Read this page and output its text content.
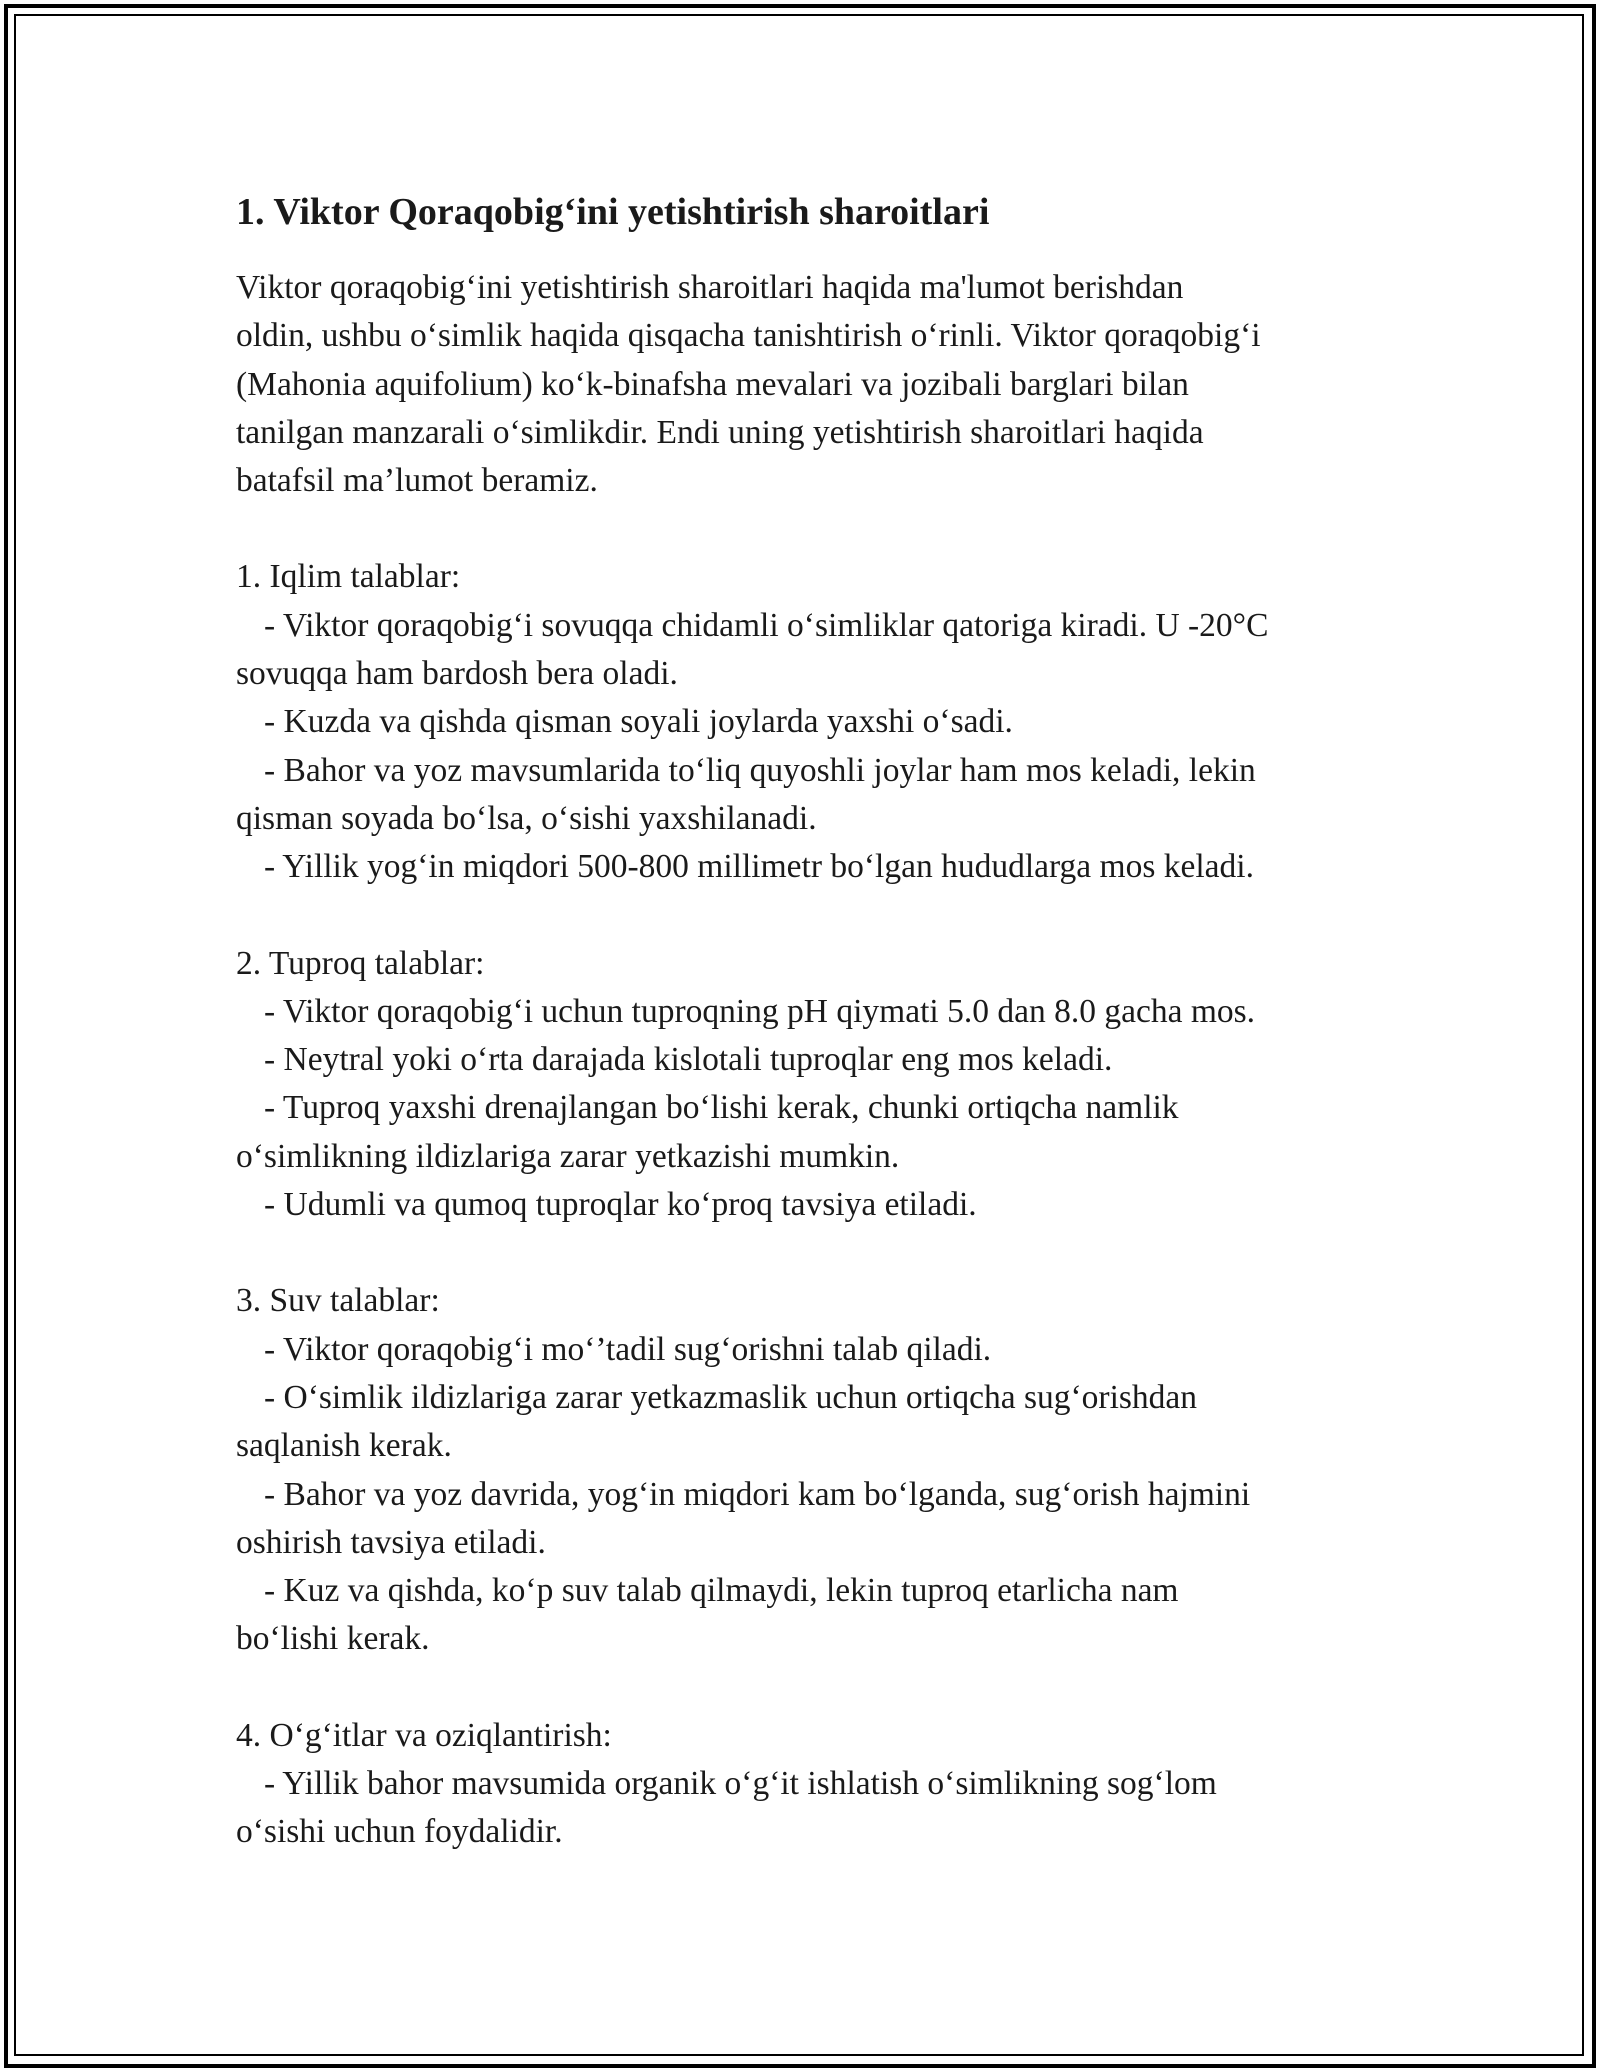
1. Viktor Qoraqobig‘ini yetishtirish sharoitlari
Viktor qoraqobig‘ini yetishtirish sharoitlari haqida ma'lumot berishdan
oldin, ushbu o‘simlik haqida qisqacha tanishtirish o‘rinli. Viktor qoraqobig‘i
(Mahonia aquifolium) ko‘k-binafsha mevalari va jozibali barglari bilan
tanilgan manzarali o‘simlikdir. Endi uning yetishtirish sharoitlari haqida
batafsil ma’lumot beramiz.
1. Iqlim talablar:
- Viktor qoraqobig‘i sovuqqa chidamli o‘simliklar qatoriga kiradi. U -20°C
sovuqqa ham bardosh bera oladi.
- Kuzda va qishda qisman soyali joylarda yaxshi o‘sadi.
- Bahor va yoz mavsumlarida to‘liq quyoshli joylar ham mos keladi, lekin
qisman soyada bo‘lsa, o‘sishi yaxshilanadi.
- Yillik yog‘in miqdori 500-800 millimetr bo‘lgan hududlarga mos keladi.
2. Tuproq talablar:
- Viktor qoraqobig‘i uchun tuproqning pH qiymati 5.0 dan 8.0 gacha mos.
- Neytral yoki o‘rta darajada kislotali tuproqlar eng mos keladi.
- Tuproq yaxshi drenajlangan bo‘lishi kerak, chunki ortiqcha namlik
o‘simlikning ildizlariga zarar yetkazishi mumkin.
- Udumli va qumoq tuproqlar ko‘proq tavsiya etiladi.
3. Suv talablar:
- Viktor qoraqobig‘i mo‘’tadil sug‘orishni talab qiladi.
- O‘simlik ildizlariga zarar yetkazmaslik uchun ortiqcha sug‘orishdan
saqlanish kerak.
- Bahor va yoz davrida, yog‘in miqdori kam bo‘lganda, sug‘orish hajmini
oshirish tavsiya etiladi.
- Kuz va qishda, ko‘p suv talab qilmaydi, lekin tuproq etarlicha nam
bo‘lishi kerak.
4. O‘g‘itlar va oziqlantirish:
- Yillik bahor mavsumida organik o‘g‘it ishlatish o‘simlikning sog‘lom
o‘sishi uchun foydalidir.
